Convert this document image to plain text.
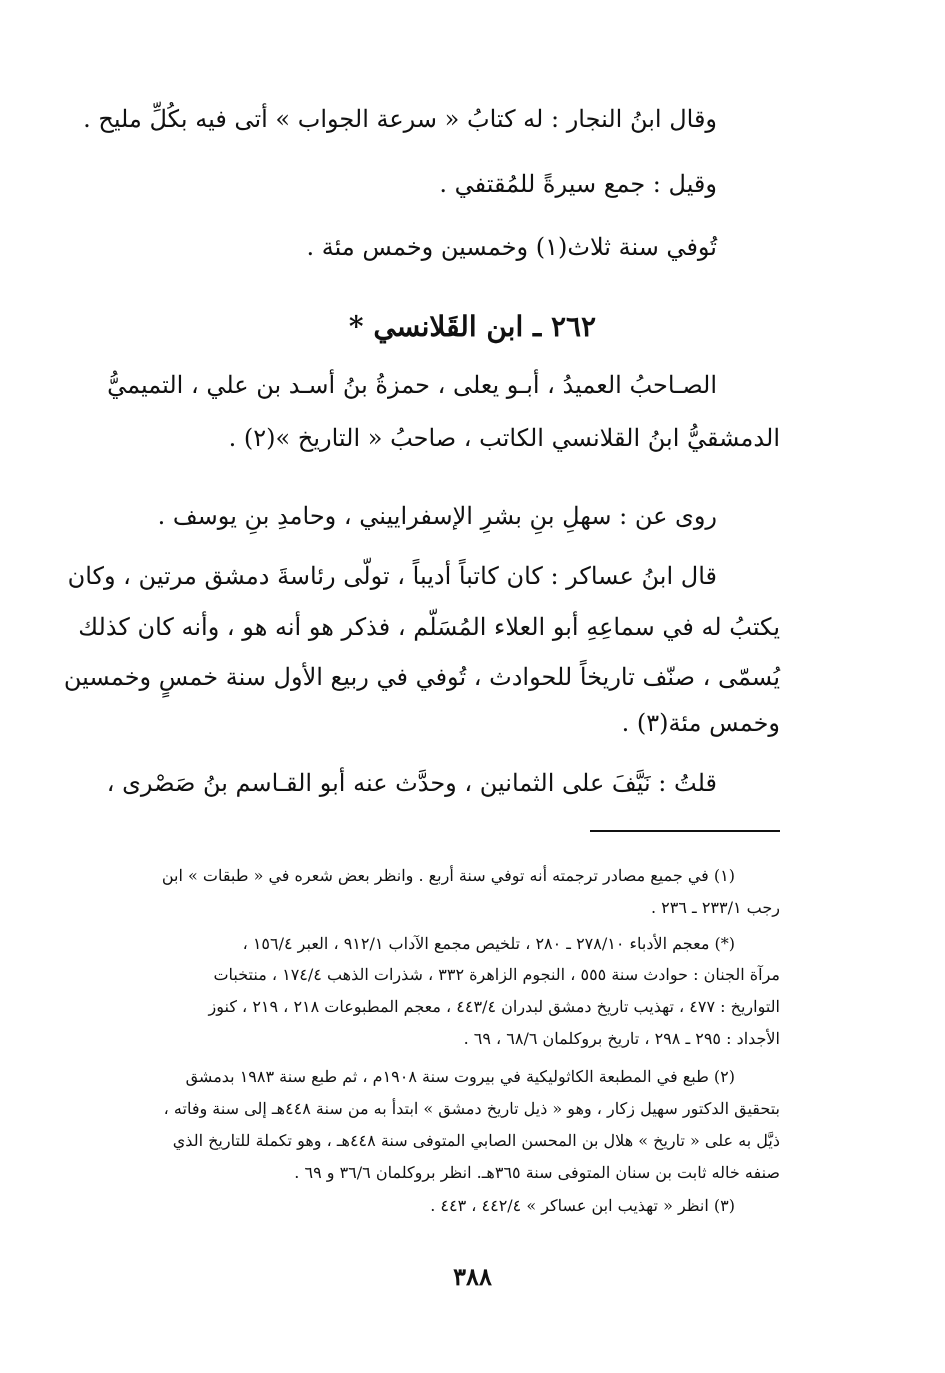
وقال ابنُ النجار : له كتابُ « سرعة الجواب » أتى فيه بكُلِّ مليح .
وقيل : جمع سيرةً للمُقتفي .
تُوفي سنة ثلاث(١) وخمسين وخمس مئة .
٢٦٢ ـ ابن القَلانسي *
الصـاحبُ العميدُ ، أبـو يعلى ، حمزةُ بنُ أسـد بن علي ، التميميُّ
الدمشقيُّ ابنُ القلانسي الكاتب ، صاحبُ « التاريخ »(٢) .
روى عن : سهلِ بنِ بشرِ الإسفراييني ، وحامدِ بنِ يوسف .
قال ابنُ عساكر : كان كاتباً أديباً ، تولّى رئاسةَ دمشق مرتين ، وكان
يكتبُ له في سماعِهِ أبو العلاء المُسَلّم ، فذكر هو أنه هو ، وأنه كان كذلك
يُسمّى ، صنّف تاريخاً للحوادث ، تُوفي في ربيع الأول سنة خمسٍ وخمسين
وخمس مئة(٣) .
قلتُ : نَيَّفَ على الثمانين ، وحدَّث عنه أبو القـاسم بنُ صَصْرى ،
(١) في جميع مصادر ترجمته أنه توفي سنة أربع . وانظر بعض شعره في « طبقات » ابن
رجب ٢٣٣/١ ـ ٢٣٦ .
(*) معجم الأدباء ٢٧٨/١٠ ـ ٢٨٠ ، تلخيص مجمع الآداب ٩١٢/١ ، العبر ١٥٦/٤ ،
مرآة الجنان : حوادث سنة ٥٥٥ ، النجوم الزاهرة ٣٣٢ ، شذرات الذهب ١٧٤/٤ ، منتخبات
التواريخ : ٤٧٧ ، تهذيب تاريخ دمشق لبدران ٤٤٣/٤ ، معجم المطبوعات ٢١٨ ، ٢١٩ ، كنوز
الأجداد : ٢٩٥ ـ ٢٩٨ ، تاريخ بروكلمان ٦٨/٦ ، ٦٩ .
(٢) طبع في المطبعة الكاثوليكية في بيروت سنة ١٩٠٨م ، ثم طبع سنة ١٩٨٣ بدمشق
بتحقيق الدكتور سهيل زكار ، وهو « ذيل تاريخ دمشق » ابتدأ به من سنة ٤٤٨هـ إلى سنة وفاته ،
ذيَّل به على « تاريخ » هلال بن المحسن الصابي المتوفى سنة ٤٤٨هـ ، وهو تكملة للتاريخ الذي
صنفه خاله ثابت بن سنان المتوفى سنة ٣٦٥هـ. انظر بروكلمان ٣٦/٦ و ٦٩ .
(٣) انظر « تهذيب ابن عساكر » ٤٤٢/٤ ، ٤٤٣ .
٣٨٨
